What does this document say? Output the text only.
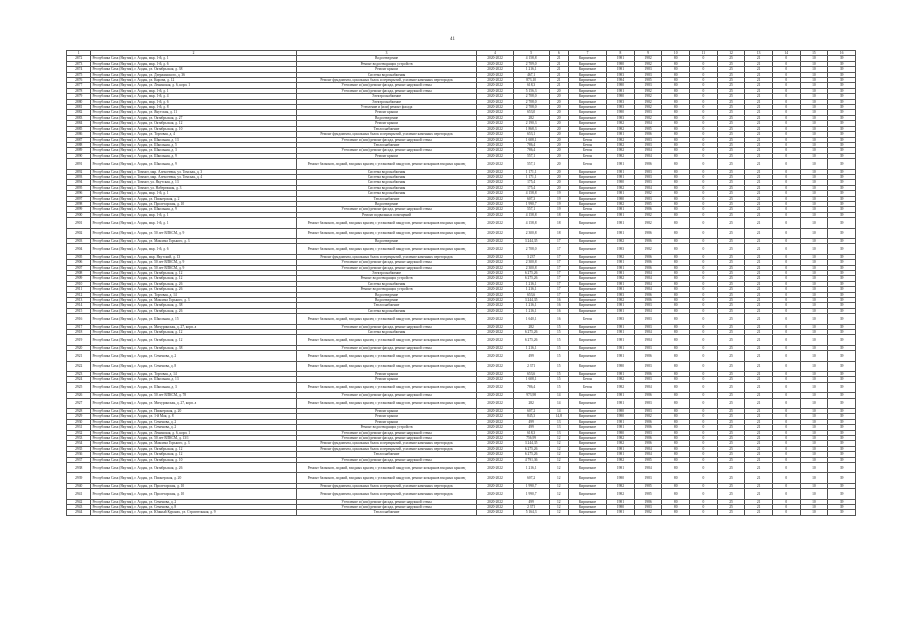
41
1	2	3	4	5	6	7	8	9	10	11	12	13	14	15	16
2872	Республика Саха (Якутия), г. Алдан, мкр. 1-й, д. 1	Водоотведение	2020-2022	4 158,8	21	Кирпичное	1981	1982	80	0	25	21	0	10	39
2873	Республика Саха (Якутия), г. Алдан, мкр. 1-й, д. 6	Ремонт водоотводящих устройств	2020-2022	2 709,0	21	Кирпичное	1980	1982	80	0	25	21	0	10	39
2874	Республика Саха (Якутия), г. Алдан, ул. Октябрьская, д. 38	Ремонт крыши	2020-2022	1 216,1	21	Кирпичное	1981	1983	80	0	25	21	0	10	39
2875	Республика Саха (Якутия), г. Алдан, ул. Дзержинского, д. 36	Система водоснабжения	2020-2022	467,1	21	Кирпичное	1983	1983	80	0	25	21	0	10	39
2876	Республика Саха (Якутия), г. Алдан, ул. Кирова, д. 12	Ремонт фундамента, цокольных балок и перекрытий, усиление каменных перегородок	2020-2022	873,10	21	Кирпичное	1984	1985	80	0	25	21	0	10	39
2877	Республика Саха (Якутия), г. Алдан, ул. Ленинская, д. 6, корп. 1	Утепление и (или) ремонт фасада, ремонт наружной стены	2020-2022	618,3	21	Кирпичное	1980	1983	80	0	25	21	0	10	39
2878	Республика Саха (Якутия), г. Алдан, мкр. 1-й, д. 1	Утепление и (или) ремонт фасада, ремонт наружной стены	2020-2022	5 156,3	20	Кирпичное	1981	1982	80	0	25	21	0	10	39
2879	Республика Саха (Якутия), г. Алдан, мкр. 1-й, д. 4	Электроснабжение	2020-2022	2 708,0	20	Кирпичное	1980	1982	80	0	25	21	0	10	39
2880	Республика Саха (Якутия), г. Алдан, мкр. 1-й, д. 6	Электроснабжение	2020-2022	2 708,0	20	Кирпичное	1983	1982	80	0	25	21	0	10	39
2881	Республика Саха (Якутия), г. Алдан, мкр. 1-й, д. 8	Утепление и (или) ремонт фасада	2020-2022	2 708,0	20	Кирпичное	1983	1982	80	0	25	21	0	10	39
2882	Республика Саха (Якутия), г. Алдан, ул. Якутская, д. 11	Ремонт крыши	2020-2022	653,0	20	Кирпичное	1980	1983	80	0	25	21	0	10	39
2883	Республика Саха (Якутия), г. Алдан, ул. Октябрьская, д. 27	Водоотведение	2020-2022	282	20	Кирпичное	1983	1982	80	0	25	21	0	10	39
2884	Республика Саха (Якутия), г. Алдан, ул. Октябрьская, д. 12	Ремонт крыши	2020-2022	2 190,3	20	Кирпичное	1982	1984	80	0	25	21	0	10	39
2885	Республика Саха (Якутия), г. Алдан, ул. Октябрьская, д. 10	Теплоснабжение	2020-2022	1 868,3	20	Кирпичное	1982	1985	80	0	25	21	0	10	39
2886	Республика Саха (Якутия), г. Алдан, ул. Торговая, д. 4	Ремонт фундамента, цокольных балок и перекрытий, усиление каменных перегородок	2020-2022	653,1	20	Кирпичное	1981	1986	80	0	25	21	0	10	39
2887	Республика Саха (Якутия), г. Алдан, ул. Школьная, д. 13	Утепление и (или) ремонт фасада, ремонт наружной стены	2020-2022	1 608,1	20	Бетон	1982	1983	80	0	25	21	0	10	39
2888	Республика Саха (Якутия), г. Алдан, ул. Школьная, д. 5	Теплоснабжение	2020-2022	786,4	20	Бетон	1982	1983	80	0	25	21	0	10	39
2889	Республика Саха (Якутия), г. Алдан, ул. Школьная, д. 3	Утепление и (или) ремонт фасада, ремонт наружной стены	2020-2022	786,4	20	Бетон	1982	1984	80	0	25	21	0	10	39
2890	Республика Саха (Якутия), г. Алдан, ул. Школьная, д. 9	Ремонт крыши	2020-2022	557,1	20	Бетон	1982	1984	80	0	25	21	0	10	39
2891	Республика Саха (Якутия), г. Алдан, ул. Школьная, д. 9	Ремонт балконов, лоджий, входных крылец с установкой пандусов, ремонт козырьков входных крылец	2020-2022	557,1	20	Бетон	1981	1986	80	0	25	21	0	10	39
2892	Республика Саха (Якутия), г. Томмот, мкр. Алексеевка, ул. Томская, д. 3	Система водоснабжения	2020-2022	1 171,1	20	Кирпичное	1981	1983	80	0	25	21	0	10	39
2893	Республика Саха (Якутия), г. Томмот, мкр. Алексеевка, ул. Томская, д. 4	Система водоснабжения	2020-2022	1 171,1	20	Кирпичное	1981	1983	80	0	25	21	0	10	39
2894	Республика Саха (Якутия), г. Томмот, ул. Якутская, д. 13	Система водоснабжения	2020-2022	175,4	20	Кирпичное	1980	1983	80	0	25	21	0	10	39
2895	Республика Саха (Якутия), г. Томмот, ул. Набережная, д. 3	Система водоснабжения	2020-2022	175,4	20	Кирпичное	1982	1984	80	0	25	21	0	10	39
2896	Республика Саха (Якутия), г. Алдан, мкр. 1-й, д. 1	Система водоснабжения	2020-2022	4 158,8	19	Кирпичное	1981	1982	80	0	25	21	0	10	39
2897	Республика Саха (Якутия), г. Алдан, ул. Пионерская, д. 2	Теплоснабжение	2020-2022	607,3	19	Кирпичное	1980	1983	80	0	25	21	0	10	39
2898	Республика Саха (Якутия), г. Алдан, ул. Пролетарская, д. 10	Водоотведение	2020-2022	1 990,7	19	Кирпичное	1982	1985	80	0	25	21	0	10	39
2899	Республика Саха (Якутия), г. Алдан, ул. Школьная, д. 9	Утепление и (или) ремонт фасада, ремонт наружной стены	2020-2022	557,1	19	Бетон	1981	1986	80	0	25	21	0	10	39
2900	Республика Саха (Якутия), г. Алдан, мкр. 1-й, д. 1	Ремонт подвальных помещений	2020-2022	4 158,8	18	Кирпичное	1981	1982	80	0	25	21	0	10	39
2901	Республика Саха (Якутия), г. Алдан, мкр. 1-й, д. 1	Ремонт балконов, лоджий, входных крылец с установкой пандусов, ремонт козырьков входных крылец	2020-2022	4 158,8	18	Кирпичное	1981	1982	80	0	25	21	0	10	39
2902	Республика Саха (Якутия), г. Алдан, ул. 50 лет ВЛКСМ, д. 9	Ремонт балконов, лоджий, входных крылец с установкой пандусов, ремонт козырьков входных крылец	2020-2022	2 300,8	18	Кирпичное	1981	1986	80	0	25	21	0	10	39
2903	Республика Саха (Якутия), г. Алдан, ул. Максима Горького, д. 3	Водоотведение	2020-2022	3 244,35	17	Кирпичное	1982	1986	80	0	25	21	0	10	39
2904	Республика Саха (Якутия), г. Алдан, мкр. 1-й, д. 6	Ремонт балконов, лоджий, входных крылец с установкой пандусов, ремонт козырьков входных крылец	2020-2022	2 708,0	17	Кирпичное	1983	1982	80	0	25	21	0	10	39
2905	Республика Саха (Якутия), г. Алдан, мкр. Якутский, д. 13	Ремонт фундамента, цокольных балок и перекрытий, усиление каменных перегородок	2020-2022	3 237	17	Кирпичное	1982	1986	80	0	25	21	0	10	39
2906	Республика Саха (Якутия), г. Алдан, ул. 50 лет ВЛКСМ, д. 9	Утепление и (или) ремонт фасада, ремонт наружной стены	2020-2022	2 300,8	17	Кирпичное	1981	1986	80	0	25	21	0	10	39
2907	Республика Саха (Якутия), г. Алдан, ул. 50 лет ВЛКСМ, д. 9	Утепление и (или) ремонт фасада, ремонт наружной стены	2020-2022	2 300,8	17	Кирпичное	1981	1986	80	0	25	21	0	10	39
2908	Республика Саха (Якутия), г. Алдан, ул. Октябрьская, д. 12	Электроснабжение	2020-2022	6 275,26	17	Кирпичное	1981	1984	80	0	25	21	0	10	39
2909	Республика Саха (Якутия), г. Алдан, ул. Октябрьская, д. 12	Ремонт водоотводящих устройств	2020-2022	6 275,26	17	Кирпичное	1982	1984	80	0	25	21	0	10	39
2910	Республика Саха (Якутия), г. Алдан, ул. Октябрьская, д. 26	Система водоснабжения	2020-2022	1 216,1	17	Кирпичное	1981	1984	80	0	25	21	0	10	39
2911	Республика Саха (Якутия), г. Алдан, ул. Октябрьская, д. 26	Ремонт водоотводящих устройств	2020-2022	1 216,1	17	Кирпичное	1981	1984	80	0	25	21	0	10	39
2912	Республика Саха (Якутия), г. Алдан, ул. Торговая, д. 14	Водоотведение	2020-2022	653,6	17	Кирпичное	1983	1986	80	0	25	21	0	10	39
2913	Республика Саха (Якутия), г. Алдан, ул. Максима Горького, д. 3	Водоотведение	2020-2022	3 244,35	16	Кирпичное	1982	1986	80	0	25	21	0	10	39
2914	Республика Саха (Якутия), г. Алдан, ул. Октябрьская, д. 38	Теплоснабжение	2020-2022	1 216,1	16	Кирпичное	1981	1983	80	0	25	21	0	10	39
2915	Республика Саха (Якутия), г. Алдан, ул. Октябрьская, д. 26	Система водоснабжения	2020-2022	1 216,1	16	Кирпичное	1981	1984	80	0	25	21	0	10	39
2916	Республика Саха (Якутия), г. Алдан, ул. Школьная, д. 15	Ремонт балконов, лоджий, входных крылец с установкой пандусов, ремонт козырьков входных крылец	2020-2022	1 640,1	16	Бетон	1983	1983	80	0	25	21	0	10	39
2917	Республика Саха (Якутия), г. Алдан, ул. Мичуринская, д. 27, корп. а	Утепление и (или) ремонт фасада, ремонт наружной стены	2020-2022	282	15	Кирпичное	1981	1983	80	0	25	21	0	10	39
2918	Республика Саха (Якутия), г. Алдан, ул. Октябрьская, д. 12	Система водоснабжения	2020-2022	6 275,26	15	Кирпичное	1981	1984	80	0	25	21	0	10	39
2919	Республика Саха (Якутия), г. Алдан, ул. Октябрьская, д. 12	Ремонт балконов, лоджий, входных крылец с установкой пандусов, ремонт козырьков входных крылец	2020-2022	6 275,26	15	Кирпичное	1981	1984	80	0	25	21	0	10	39
2920	Республика Саха (Якутия), г. Алдан, ул. Октябрьская, д. 38	Утепление и (или) ремонт фасада, ремонт наружной стены	2020-2022	1 216,1	15	Кирпичное	1981	1983	80	0	25	21	0	10	39
2921	Республика Саха (Якутия), г. Алдан, ул. Семенова, д. 2	Ремонт балконов, лоджий, входных крылец с установкой пандусов, ремонт козырьков входных крылец	2020-2022	499	15	Кирпичное	1981	1986	80	0	25	21	0	10	39
2922	Республика Саха (Якутия), г. Алдан, ул. Семенова, д. 8	Ремонт балконов, лоджий, входных крылец с установкой пандусов, ремонт козырьков входных крылец	2020-2022	2 371	15	Кирпичное	1980	1983	80	0	25	21	0	10	39
2923	Республика Саха (Якутия), г. Алдан, ул. Торговая, д. 14	Ремонт крыши	2020-2022	653,6	15	Кирпичное	1981	1986	80	0	25	21	0	10	39
2924	Республика Саха (Якутия), г. Алдан, ул. Школьная, д. 13	Ремонт крыши	2020-2022	1 608,1	15	Бетон	1982	1983	80	0	25	21	0	10	39
2925	Республика Саха (Якутия), г. Алдан, ул. Школьная, д. 3	Ремонт балконов, лоджий, входных крылец с установкой пандусов, ремонт козырьков входных крылец	2020-2022	786,4	15	Бетон	1982	1984	80	0	25	21	0	10	39
2926	Республика Саха (Якутия), г. Алдан, ул. 50 лет ВЛКСМ, д. 78	Утепление и (или) ремонт фасада, ремонт наружной стены	2020-2022	973,98	14	Кирпичное	1981	1986	80	0	25	21	0	10	39
2927	Республика Саха (Якутия), г. Алдан, ул. Мичуринская, д. 27, корп. а	Ремонт балконов, лоджий, входных крылец с установкой пандусов, ремонт козырьков входных крылец	2020-2022	282	14	Кирпичное	1981	1983	80	0	25	21	0	10	39
2928	Республика Саха (Якутия), г. Алдан, ул. Пионерская, д. 20	Ремонт крыши	2020-2022	607,2	14	Кирпичное	1980	1983	80	0	25	21	0	10	39
2929	Республика Саха (Якутия), г. Алдан, ул. 1-й Мая, д. 8	Ремонт крыши	2020-2022	845,3	14,8	Кирпичное	1980	1982	80	0	25	21	0	10	39
2930	Республика Саха (Якутия), г. Алдан, ул. Семенова, д. 2	Ремонт крыши	2020-2022	499	13	Кирпичное	1981	1986	80	0	25	21	0	10	39
2931	Республика Саха (Якутия), г. Алдан, ул. Семенова, д. 2	Ремонт водоотводящих устройств	2020-2022	499	13	Кирпичное	1981	1986	80	0	25	21	0	10	39
2932	Республика Саха (Якутия), г. Алдан, ул. Ленинская, д. 6, корп. 1	Утепление и (или) ремонт фасада, ремонт наружной стены	2020-2022	618,3	13	Кирпичное	1980	1983	80	0	25	21	0	10	39
2933	Республика Саха (Якутия), г. Алдан, ул. 50 лет ВЛКСМ, д. 13/1	Утепление и (или) ремонт фасада, ремонт наружной стены	2020-2022	756,99	12	Кирпичное	1982	1986	80	0	25	21	0	10	39
2934	Республика Саха (Якутия), г. Алдан, ул. Максима Горького, д. 3	Ремонт фундамента, цокольных балок и перекрытий, усиление каменных перегородок	2020-2022	3 244,35	12	Кирпичное	1982	1986	80	0	25	21	0	10	39
2935	Республика Саха (Якутия), г. Алдан, ул. Октябрьская, д. 12	Ремонт фундамента, цокольных балок и перекрытий, усиление каменных перегородок	2020-2022	6 275,26	12	Кирпичное	1981	1984	80	0	25	21	0	10	39
2936	Республика Саха (Якутия), г. Алдан, ул. Октябрьская, д. 12	Теплоснабжение	2020-2022	6 275,26	12	Кирпичное	1981	1984	80	0	25	21	0	10	39
2937	Республика Саха (Якутия), г. Алдан, ул. Октябрьская, д. 10	Утепление и (или) ремонт фасада, ремонт наружной стены	2020-2022	4 791,36	12	Кирпичное	1982	1985	80	0	25	21	0	10	39
2938	Республика Саха (Якутия), г. Алдан, ул. Октябрьская, д. 26	Ремонт балконов, лоджий, входных крылец с установкой пандусов, ремонт козырьков входных крылец	2020-2022	1 216,1	12	Кирпичное	1981	1984	80	0	25	21	0	10	39
2939	Республика Саха (Якутия), г. Алдан, ул. Пионерская, д. 20	Ремонт балконов, лоджий, входных крылец с установкой пандусов, ремонт козырьков входных крылец	2020-2022	607,2	12	Кирпичное	1980	1983	80	0	25	21	0	10	39
2940	Республика Саха (Якутия), г. Алдан, ул. Пролетарская, д. 10	Ремонт фундамента, цокольных балок и перекрытий, усиление каменных перегородок	2020-2022	1 990,7	12	Кирпичное	1982	1985	80	0	25	21	0	10	39
2941	Республика Саха (Якутия), г. Алдан, ул. Пролетарская, д. 10	Ремонт фундамента, цокольных балок и перекрытий, усиление каменных перегородок	2020-2022	1 990,7	12	Кирпичное	1982	1985	80	0	25	21	0	10	39
2942	Республика Саха (Якутия), г. Алдан, ул. Семенова, д. 2	Утепление и (или) ремонт фасада, ремонт наружной стены	2020-2022	499	12	Кирпичное	1981	1986	80	0	25	21	0	10	39
2943	Республика Саха (Якутия), г. Алдан, ул. Семенова, д. 8	Утепление и (или) ремонт фасада, ремонт наружной стены	2020-2022	2 371	12	Кирпичное	1980	1983	80	0	25	21	0	10	39
2944	Республика Саха (Якутия), г. Алдан, ул. Южный Куранах, ул. Строительная, д. 9	Теплоснабжение	2020-2022	5 164,3	12	Кирпичное	1981	1982	80	0	25	21	0	10	39
